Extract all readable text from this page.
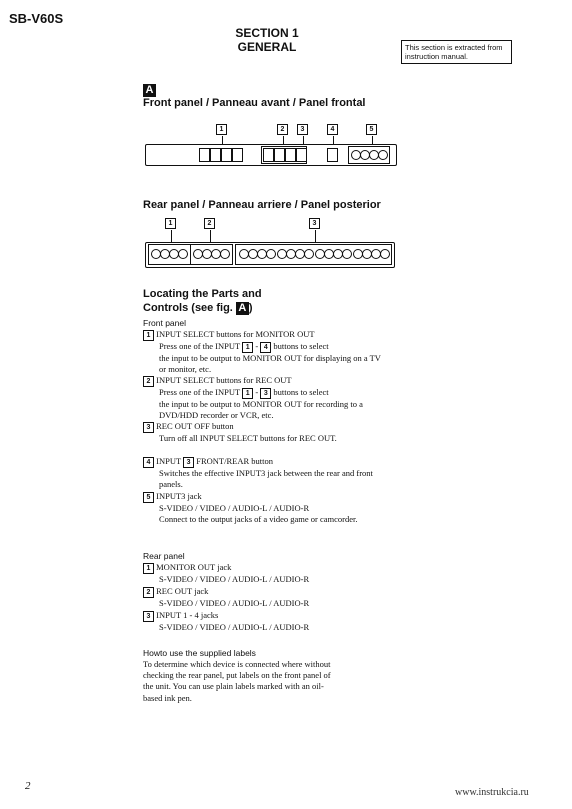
SB-V60S
SECTION 1
GENERAL	This section is extracted from instruction manual.
A
Front panel / Panneau avant / Panel frontal
1	2	3	4	5
Rear panel / Panneau arriere / Panel posterior
1	2	3
Locating the Parts and
Controls (see fig. A )
Front panel
1 INPUT SELECT buttons for MONITOR OUT
Press one of the INPUT 1 - 4 buttons to select
the input to be output to MONITOR OUT for displaying on a TV or monitor, etc.
2 INPUT SELECT buttons for REC OUT
Press one of the INPUT 1 - 3 buttons to select
the input to be output to MONITOR OUT for recording to a DVD/HDD recorder or VCR, etc.
3 REC OUT OFF button
Turn off all INPUT SELECT buttons for REC OUT.
4 INPUT 3 FRONT/REAR button
Switches the effective INPUT3 jack between the rear and front panels.
5 INPUT3 jack
S-VIDEO / VIDEO / AUDIO-L / AUDIO-R
Connect to the output jacks of a video game or camcorder.
Rear panel
1 MONITOR OUT jack
S-VIDEO / VIDEO / AUDIO-L / AUDIO-R
2 REC OUT jack
S-VIDEO / VIDEO / AUDIO-L / AUDIO-R
3 INPUT 1 - 4 jacks
S-VIDEO / VIDEO / AUDIO-L / AUDIO-R
Howto use the supplied labels
To determine which device is connected where without checking the rear panel, put labels on the front panel of the unit. You can use plain labels marked with an oil-based ink pen.
2
www.instrukcia.ru
